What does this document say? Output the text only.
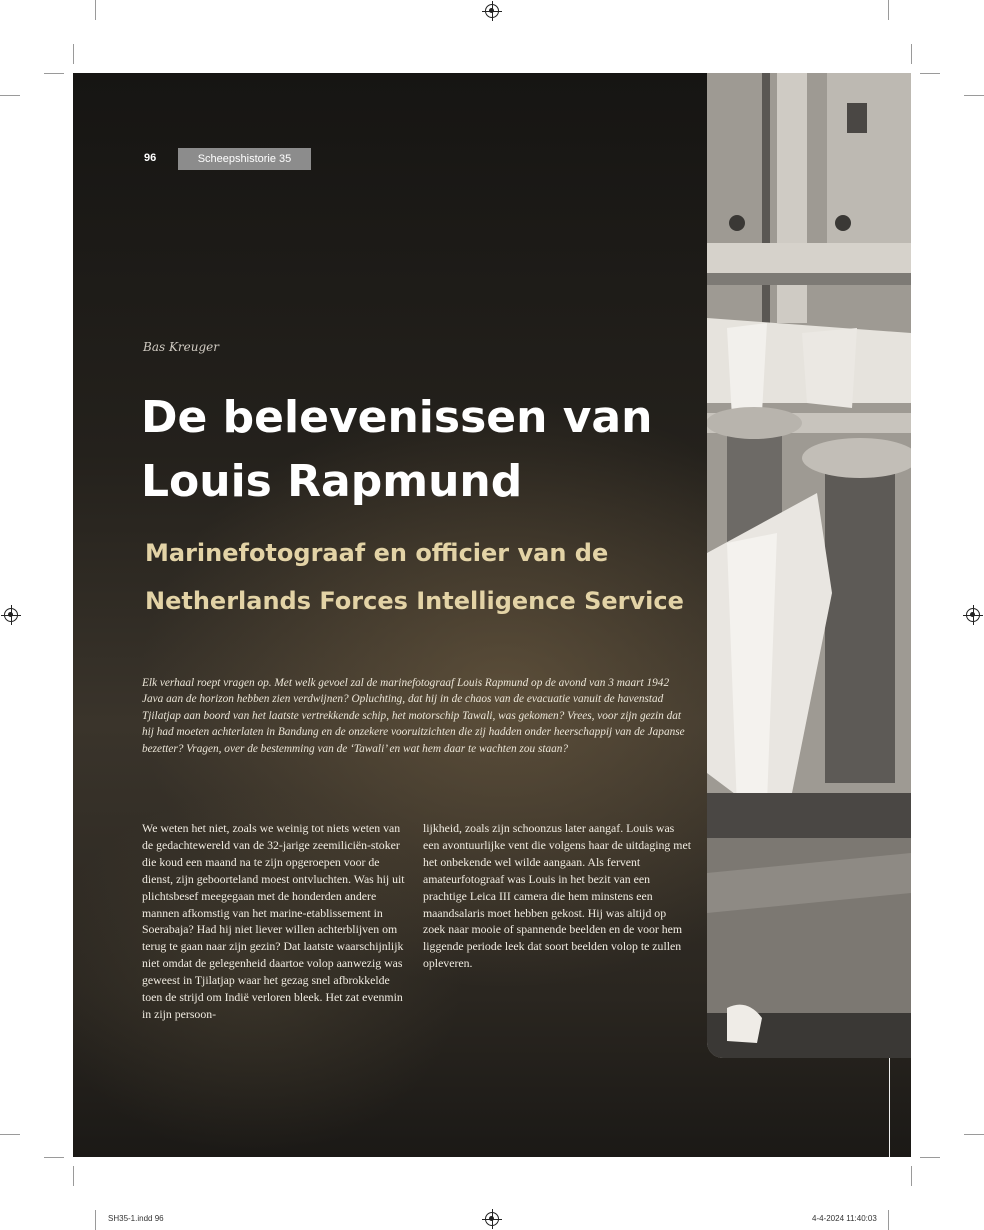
96	Scheepshistorie 35
Bas Kreuger
De belevenissen van Louis Rapmund
Marinefotograaf en officier van de Netherlands Forces Intelligence Service

Elk verhaal roept vragen op. Met welk gevoel zal de marinefotograaf Louis Rapmund op de avond van 3 maart 1942 Java aan de horizon hebben zien verdwijnen? Opluchting, dat hij in de chaos van de evacuatie vanuit de havenstad Tjilatjap aan boord van het laatste vertrekkende schip, het motorschip Tawali, was gekomen? Vrees, voor zijn gezin dat hij had moeten achterlaten in Bandung en de onzekere vooruitzichten die zij hadden onder heerschappij van de Japanse bezetter? Vragen, over de bestemming van de ‘Tawali’ en wat hem daar te wachten zou staan?

We weten het niet, zoals we weinig tot niets weten van de gedachtewereld van de 32-jarige zeemiliciën-stoker die koud een maand na te zijn opgeroepen voor de dienst, zijn geboorteland moest ontvluchten. Was hij uit plichtsbesef meegegaan met de honderden andere mannen afkomstig van het marine-etablissement in Soerabaja? Had hij niet liever willen achterblijven om terug te gaan naar zijn gezin? Dat laatste waarschijnlijk niet omdat de gelegenheid daartoe volop aanwezig was geweest in Tjilatjap waar het gezag snel afbrokkelde toen de strijd om Indië verloren bleek. Het zat evenmin in zijn persoon-

lijkheid, zoals zijn schoonzus later aangaf. Louis was een avontuurlijke vent die volgens haar de uitdaging met het onbekende wel wilde aangaan. Als fervent amateurfotograaf was Louis in het bezit van een prachtige Leica III camera die hem minstens een maandsalaris moet hebben gekost. Hij was altijd op zoek naar mooie of spannende beelden en de voor hem liggende periode leek dat soort beelden volop te zullen opleveren.

SH35-1.indd 96	4-4-2024 11:40:03
